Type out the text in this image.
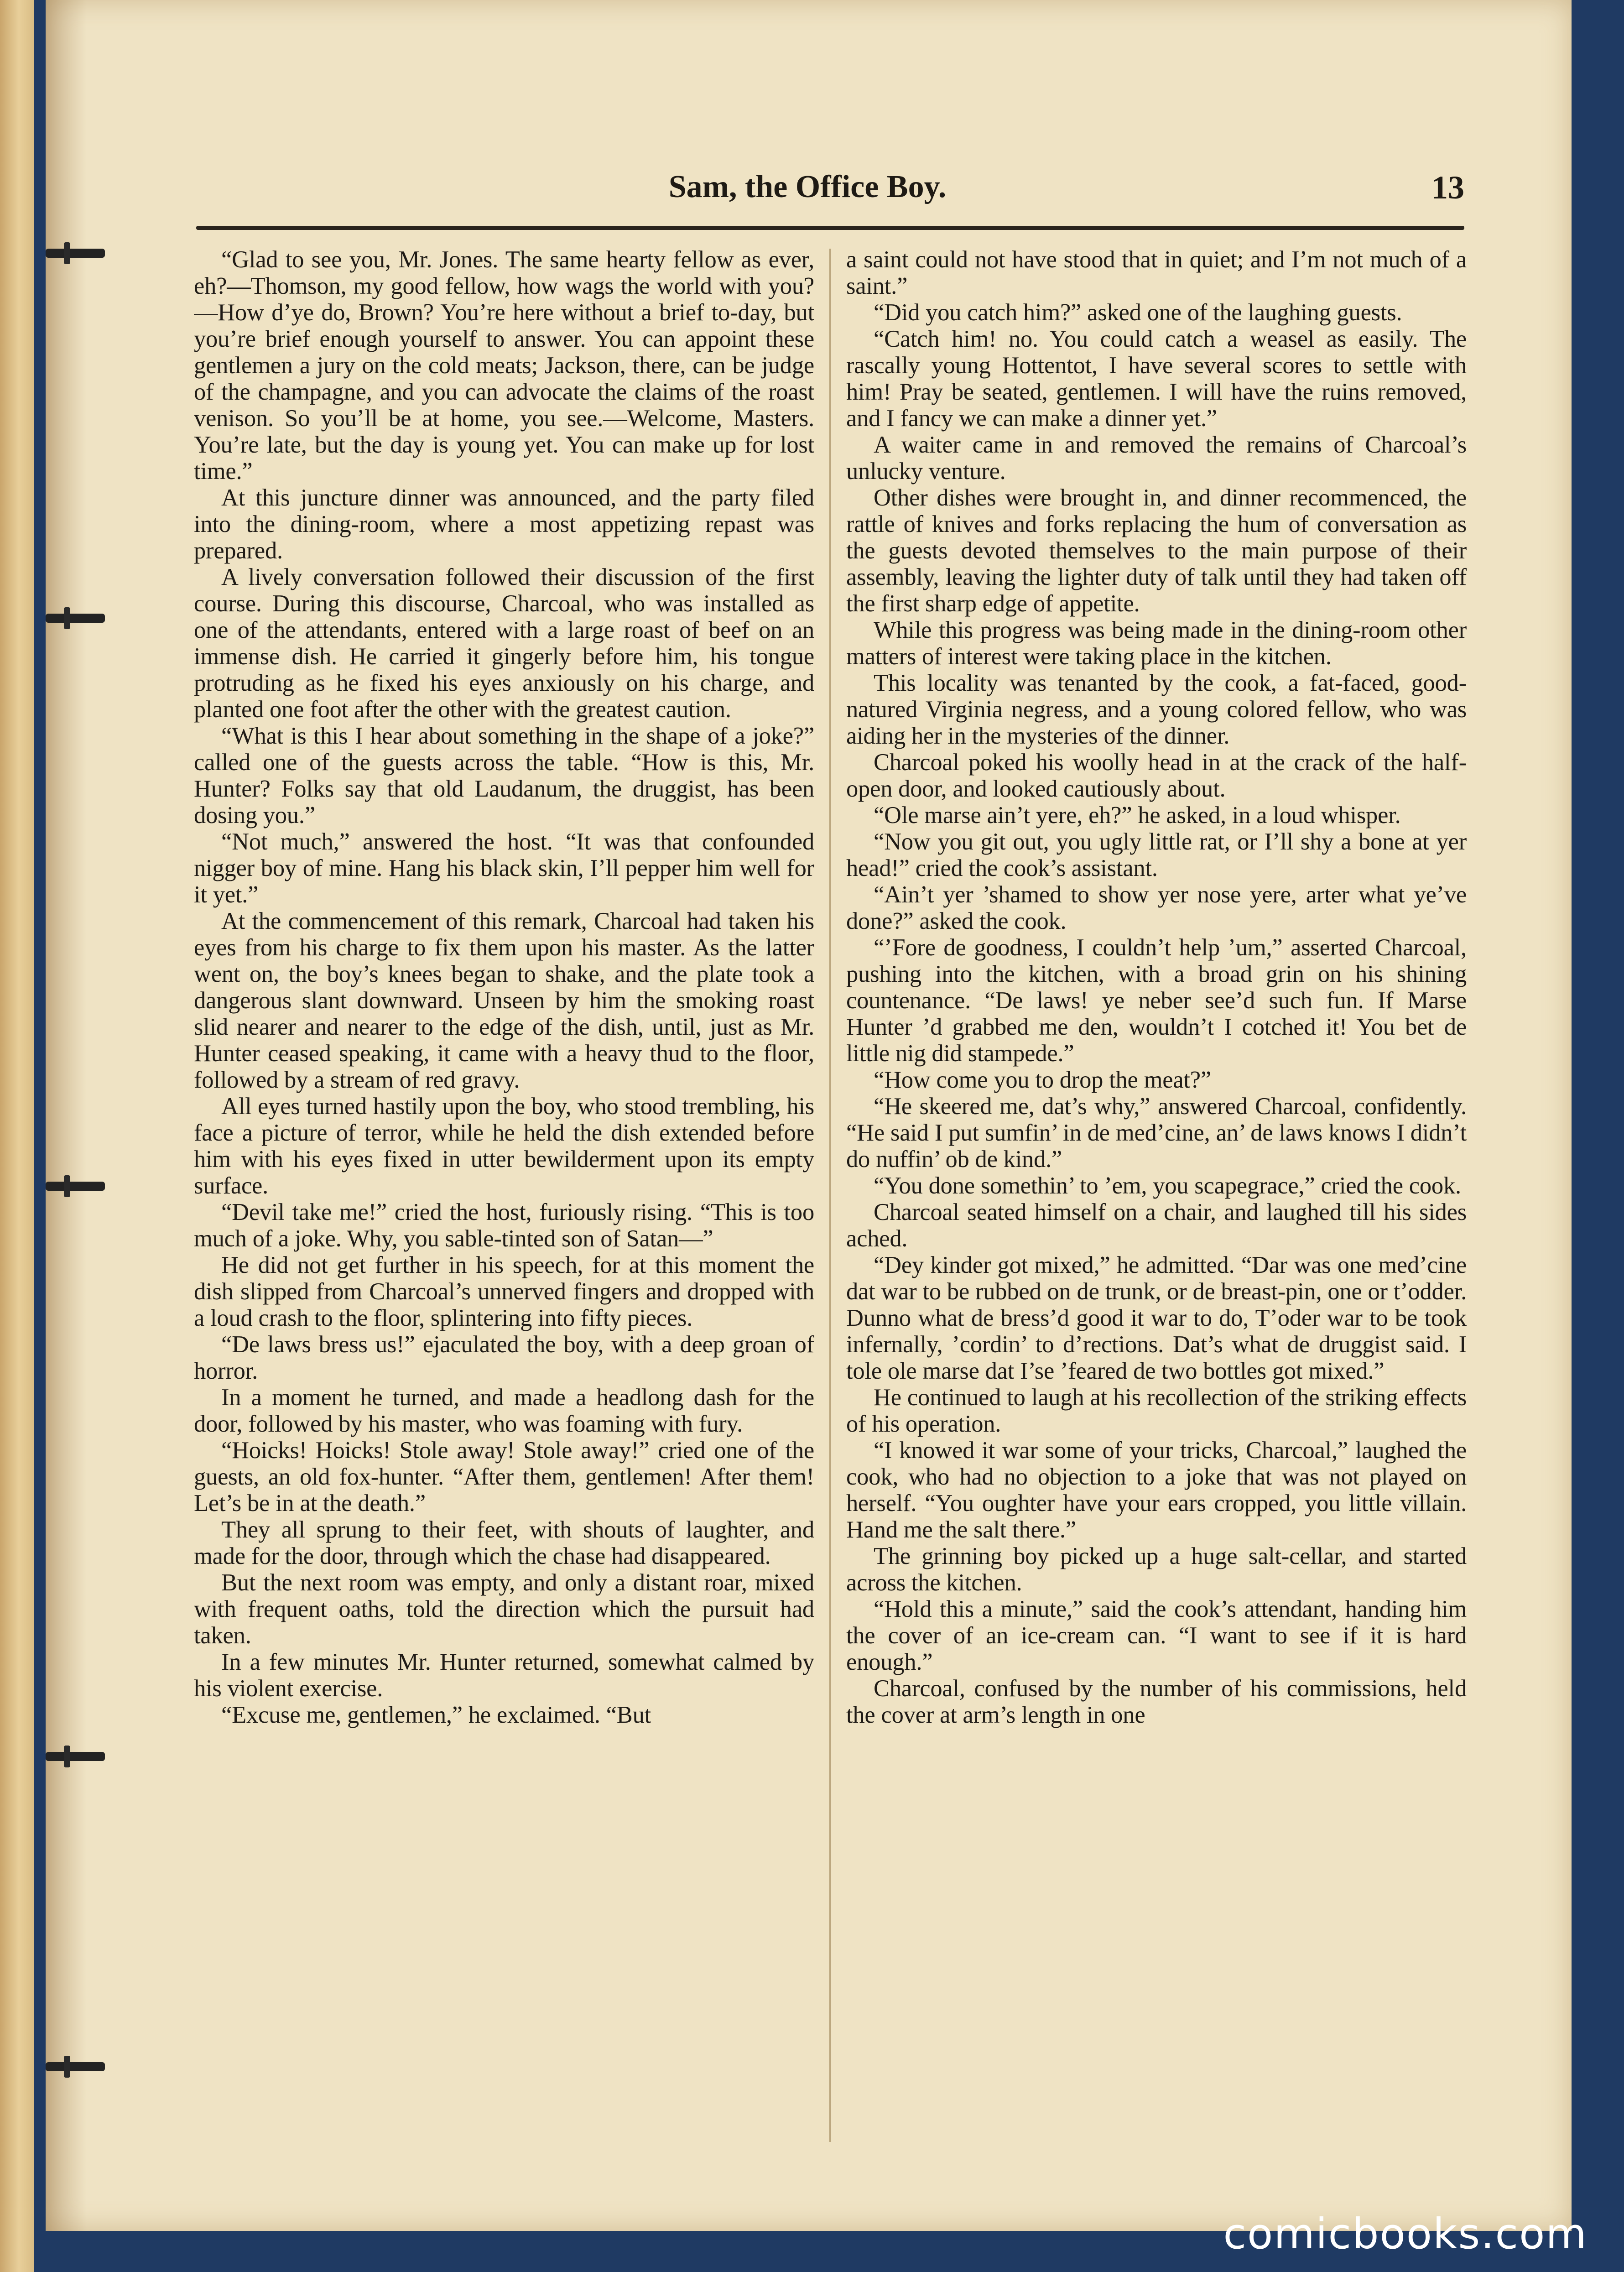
Sam, the Office Boy.	13

“Glad to see you, Mr. Jones. The same hearty fellow as ever, eh?—Thomson, my good fellow, how wags the world with you?—How d’ye do, Brown? You’re here without a brief to-day, but you’re brief enough yourself to answer. You can appoint these gentlemen a jury on the cold meats; Jackson, there, can be judge of the champagne, and you can advocate the claims of the roast venison. So you’ll be at home, you see.—Welcome, Masters. You’re late, but the day is young yet. You can make up for lost time.”

At this juncture dinner was announced, and the party filed into the dining-room, where a most appetizing repast was prepared.

A lively conversation followed their discussion of the first course. During this discourse, Charcoal, who was installed as one of the attendants, entered with a large roast of beef on an immense dish. He carried it gingerly before him, his tongue protruding as he fixed his eyes anxiously on his charge, and planted one foot after the other with the greatest caution.

“What is this I hear about something in the shape of a joke?” called one of the guests across the table. “How is this, Mr. Hunter? Folks say that old Laudanum, the druggist, has been dosing you.”

“Not much,” answered the host. “It was that confounded nigger boy of mine. Hang his black skin, I’ll pepper him well for it yet.”

At the commencement of this remark, Charcoal had taken his eyes from his charge to fix them upon his master. As the latter went on, the boy’s knees began to shake, and the plate took a dangerous slant downward. Unseen by him the smoking roast slid nearer and nearer to the edge of the dish, until, just as Mr. Hunter ceased speaking, it came with a heavy thud to the floor, followed by a stream of red gravy.

All eyes turned hastily upon the boy, who stood trembling, his face a picture of terror, while he held the dish extended before him with his eyes fixed in utter bewilderment upon its empty surface.

“Devil take me!” cried the host, furiously rising. “This is too much of a joke. Why, you sable-tinted son of Satan—”

He did not get further in his speech, for at this moment the dish slipped from Charcoal’s unnerved fingers and dropped with a loud crash to the floor, splintering into fifty pieces.

“De laws bress us!” ejaculated the boy, with a deep groan of horror.

In a moment he turned, and made a headlong dash for the door, followed by his master, who was foaming with fury.

“Hoicks! Hoicks! Stole away! Stole away!” cried one of the guests, an old fox-hunter. “After them, gentlemen! After them! Let’s be in at the death.”

They all sprung to their feet, with shouts of laughter, and made for the door, through which the chase had disappeared.

But the next room was empty, and only a distant roar, mixed with frequent oaths, told the direction which the pursuit had taken.

In a few minutes Mr. Hunter returned, somewhat calmed by his violent exercise.

“Excuse me, gentlemen,” he exclaimed. “But

a saint could not have stood that in quiet; and I’m not much of a saint.”

“Did you catch him?” asked one of the laughing guests.

“Catch him! no. You could catch a weasel as easily. The rascally young Hottentot, I have several scores to settle with him! Pray be seated, gentlemen. I will have the ruins removed, and I fancy we can make a dinner yet.”

A waiter came in and removed the remains of Charcoal’s unlucky venture.

Other dishes were brought in, and dinner recommenced, the rattle of knives and forks replacing the hum of conversation as the guests devoted themselves to the main purpose of their assembly, leaving the lighter duty of talk until they had taken off the first sharp edge of appetite.

While this progress was being made in the dining-room other matters of interest were taking place in the kitchen.

This locality was tenanted by the cook, a fat-faced, good-natured Virginia negress, and a young colored fellow, who was aiding her in the mysteries of the dinner.

Charcoal poked his woolly head in at the crack of the half-open door, and looked cautiously about.

“Ole marse ain’t yere, eh?” he asked, in a loud whisper.

“Now you git out, you ugly little rat, or I’ll shy a bone at yer head!” cried the cook’s assistant.

“Ain’t yer ’shamed to show yer nose yere, arter what ye’ve done?” asked the cook.

“’Fore de goodness, I couldn’t help ’um,” asserted Charcoal, pushing into the kitchen, with a broad grin on his shining countenance. “De laws! ye neber see’d such fun. If Marse Hunter ’d grabbed me den, wouldn’t I cotched it! You bet de little nig did stampede.”

“How come you to drop the meat?”

“He skeered me, dat’s why,” answered Charcoal, confidently. “He said I put sumfin’ in de med’cine, an’ de laws knows I didn’t do nuffin’ ob de kind.”

“You done somethin’ to ’em, you scapegrace,” cried the cook.

Charcoal seated himself on a chair, and laughed till his sides ached.

“Dey kinder got mixed,” he admitted. “Dar was one med’cine dat war to be rubbed on de trunk, or de breast-pin, one or t’odder. Dunno what de bress’d good it war to do, T’oder war to be took infernally, ’cordin’ to d’rections. Dat’s what de druggist said. I tole ole marse dat I’se ’feared de two bottles got mixed.”

He continued to laugh at his recollection of the striking effects of his operation.

“I knowed it war some of your tricks, Charcoal,” laughed the cook, who had no objection to a joke that was not played on herself. “You oughter have your ears cropped, you little villain. Hand me the salt there.”

The grinning boy picked up a huge salt-cellar, and started across the kitchen.

“Hold this a minute,” said the cook’s attendant, handing him the cover of an ice-cream can. “I want to see if it is hard enough.”

Charcoal, confused by the number of his commissions, held the cover at arm’s length in one

comicbooks.com
